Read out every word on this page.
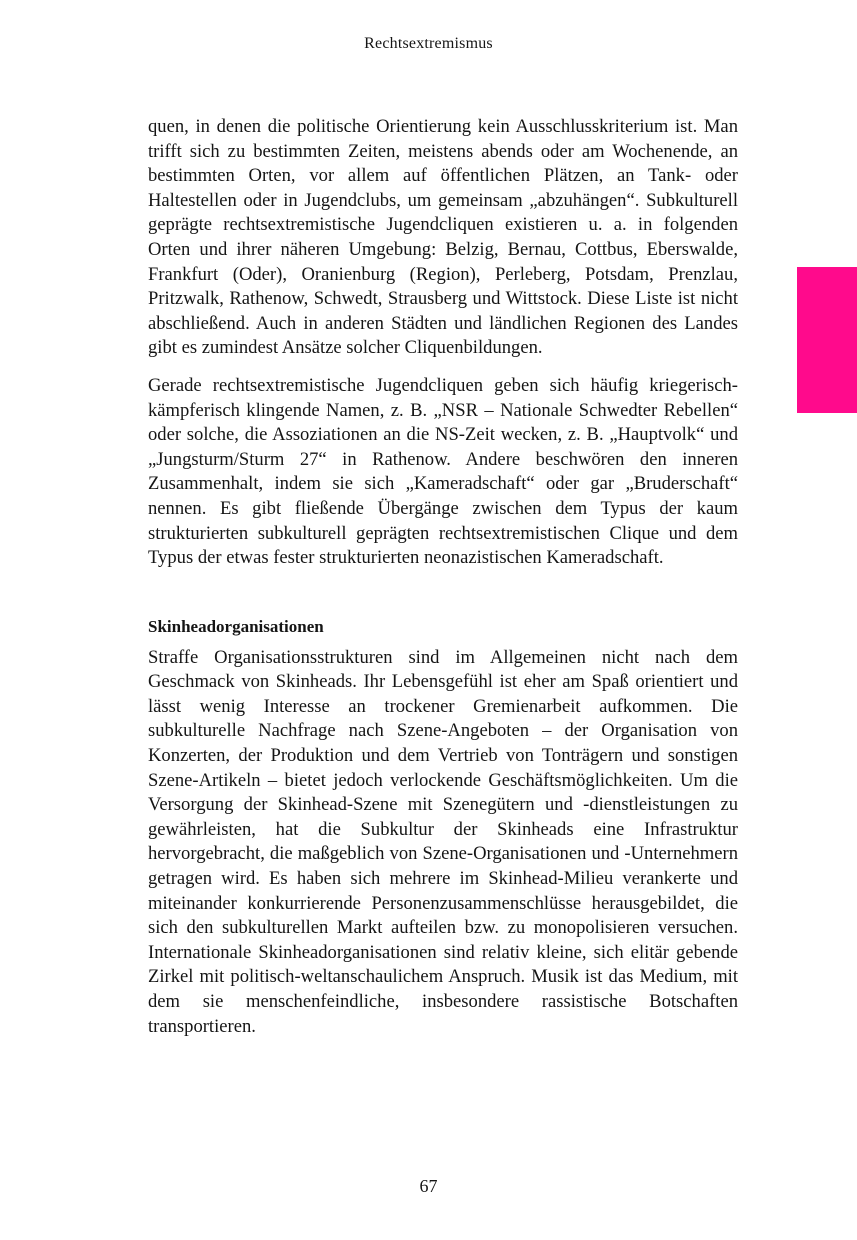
Rechtsextremismus

quen, in denen die politische Orientierung kein Ausschlusskriterium ist. Man trifft sich zu bestimmten Zeiten, meistens abends oder am Wochenende, an bestimmten Orten, vor allem auf öffentlichen Plätzen, an Tank- oder Haltestellen oder in Jugendclubs, um gemeinsam „abzuhängen“. Subkulturell geprägte rechtsextremistische Jugendcliquen existieren u. a. in folgenden Orten und ihrer näheren Umgebung: Belzig, Bernau, Cottbus, Eberswalde, Frankfurt (Oder), Oranienburg (Region), Perleberg, Potsdam, Prenzlau, Pritzwalk, Rathenow, Schwedt, Strausberg und Wittstock. Diese Liste ist nicht abschließend. Auch in anderen Städten und ländlichen Regionen des Landes gibt es zumindest Ansätze solcher Cliquenbildungen.

Gerade rechtsextremistische Jugendcliquen geben sich häufig kriegerisch-kämpferisch klingende Namen, z. B. „NSR – Nationale Schwedter Rebellen“ oder solche, die Assoziationen an die NS-Zeit wecken, z. B. „Hauptvolk“ und „Jungsturm/Sturm 27“ in Rathenow. Andere beschwören den inneren Zusammenhalt, indem sie sich „Kameradschaft“ oder gar „Bruderschaft“ nennen. Es gibt fließende Übergänge zwischen dem Typus der kaum strukturierten subkulturell geprägten rechtsextremistischen Clique und dem Typus der etwas fester strukturierten neonazistischen Kameradschaft.

Skinheadorganisationen

Straffe Organisationsstrukturen sind im Allgemeinen nicht nach dem Geschmack von Skinheads. Ihr Lebensgefühl ist eher am Spaß orientiert und lässt wenig Interesse an trockener Gremienarbeit aufkommen. Die subkulturelle Nachfrage nach Szene-Angeboten – der Organisation von Konzerten, der Produktion und dem Vertrieb von Tonträgern und sonstigen Szene-Artikeln – bietet jedoch verlockende Geschäftsmöglichkeiten. Um die Versorgung der Skinhead-Szene mit Szenegütern und -dienstleistungen zu gewährleisten, hat die Subkultur der Skinheads eine Infrastruktur hervorgebracht, die maßgeblich von Szene-Organisationen und -Unternehmern getragen wird. Es haben sich mehrere im Skinhead-Milieu verankerte und miteinander konkurrierende Personenzusammenschlüsse herausgebildet, die sich den subkulturellen Markt aufteilen bzw. zu monopolisieren versuchen. Internationale Skinheadorganisationen sind relativ kleine, sich elitär gebende Zirkel mit politisch-weltanschaulichem Anspruch. Musik ist das Medium, mit dem sie menschenfeindliche, insbesondere rassistische Botschaften transportieren.

67
